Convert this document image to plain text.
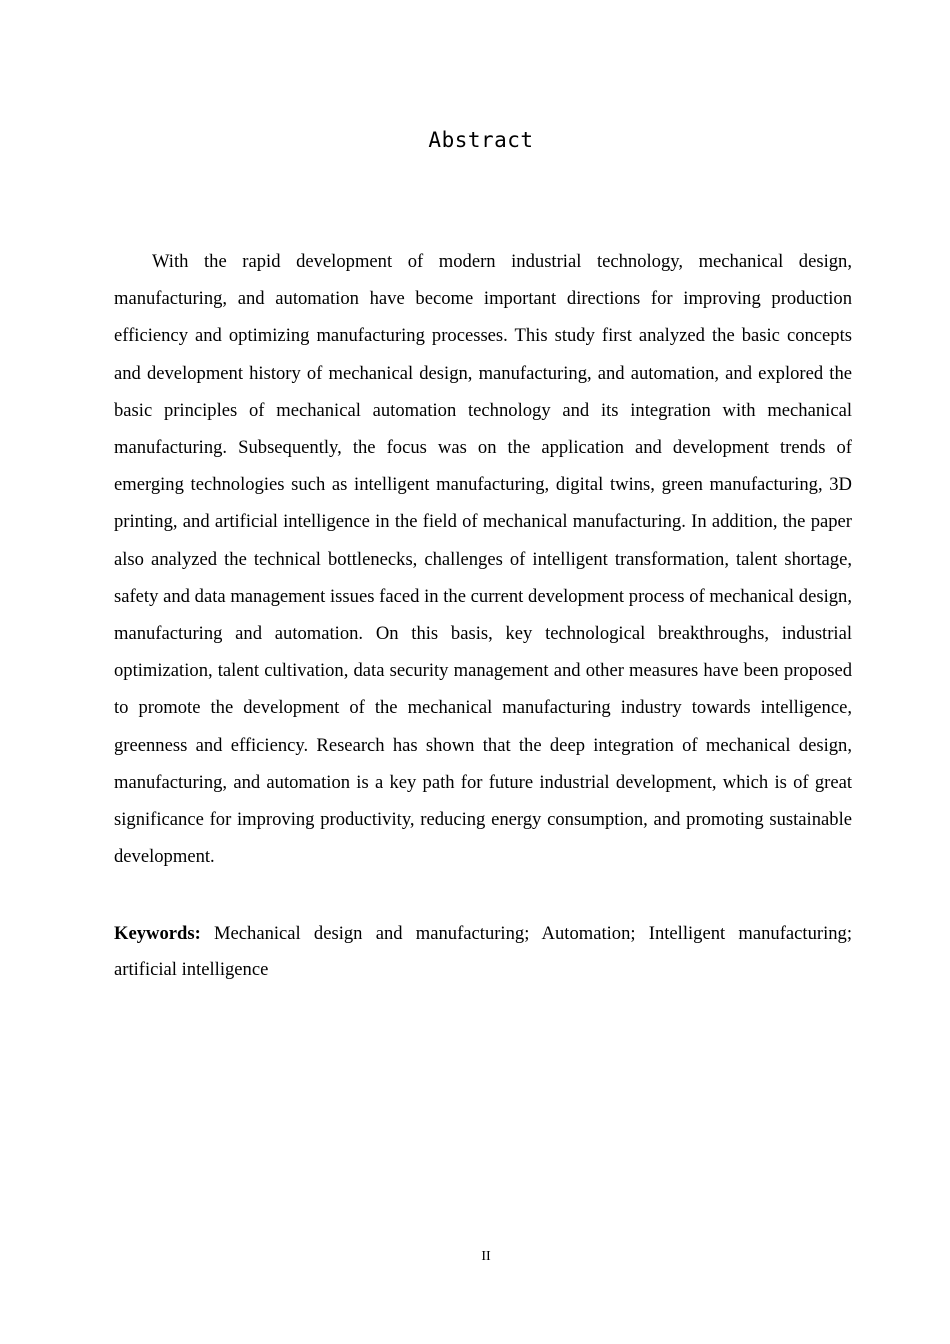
Abstract

With the rapid development of modern industrial technology, mechanical design, manufacturing, and automation have become important directions for improving production efficiency and optimizing manufacturing processes. This study first analyzed the basic concepts and development history of mechanical design, manufacturing, and automation, and explored the basic principles of mechanical automation technology and its integration with mechanical manufacturing. Subsequently, the focus was on the application and development trends of emerging technologies such as intelligent manufacturing, digital twins, green manufacturing, 3D printing, and artificial intelligence in the field of mechanical manufacturing. In addition, the paper also analyzed the technical bottlenecks, challenges of intelligent transformation, talent shortage, safety and data management issues faced in the current development process of mechanical design, manufacturing and automation. On this basis, key technological breakthroughs, industrial optimization, talent cultivation, data security management and other measures have been proposed to promote the development of the mechanical manufacturing industry towards intelligence, greenness and efficiency. Research has shown that the deep integration of mechanical design, manufacturing, and automation is a key path for future industrial development, which is of great significance for improving productivity, reducing energy consumption, and promoting sustainable development.

Keywords: Mechanical design and manufacturing; Automation; Intelligent manufacturing; artificial intelligence

II
